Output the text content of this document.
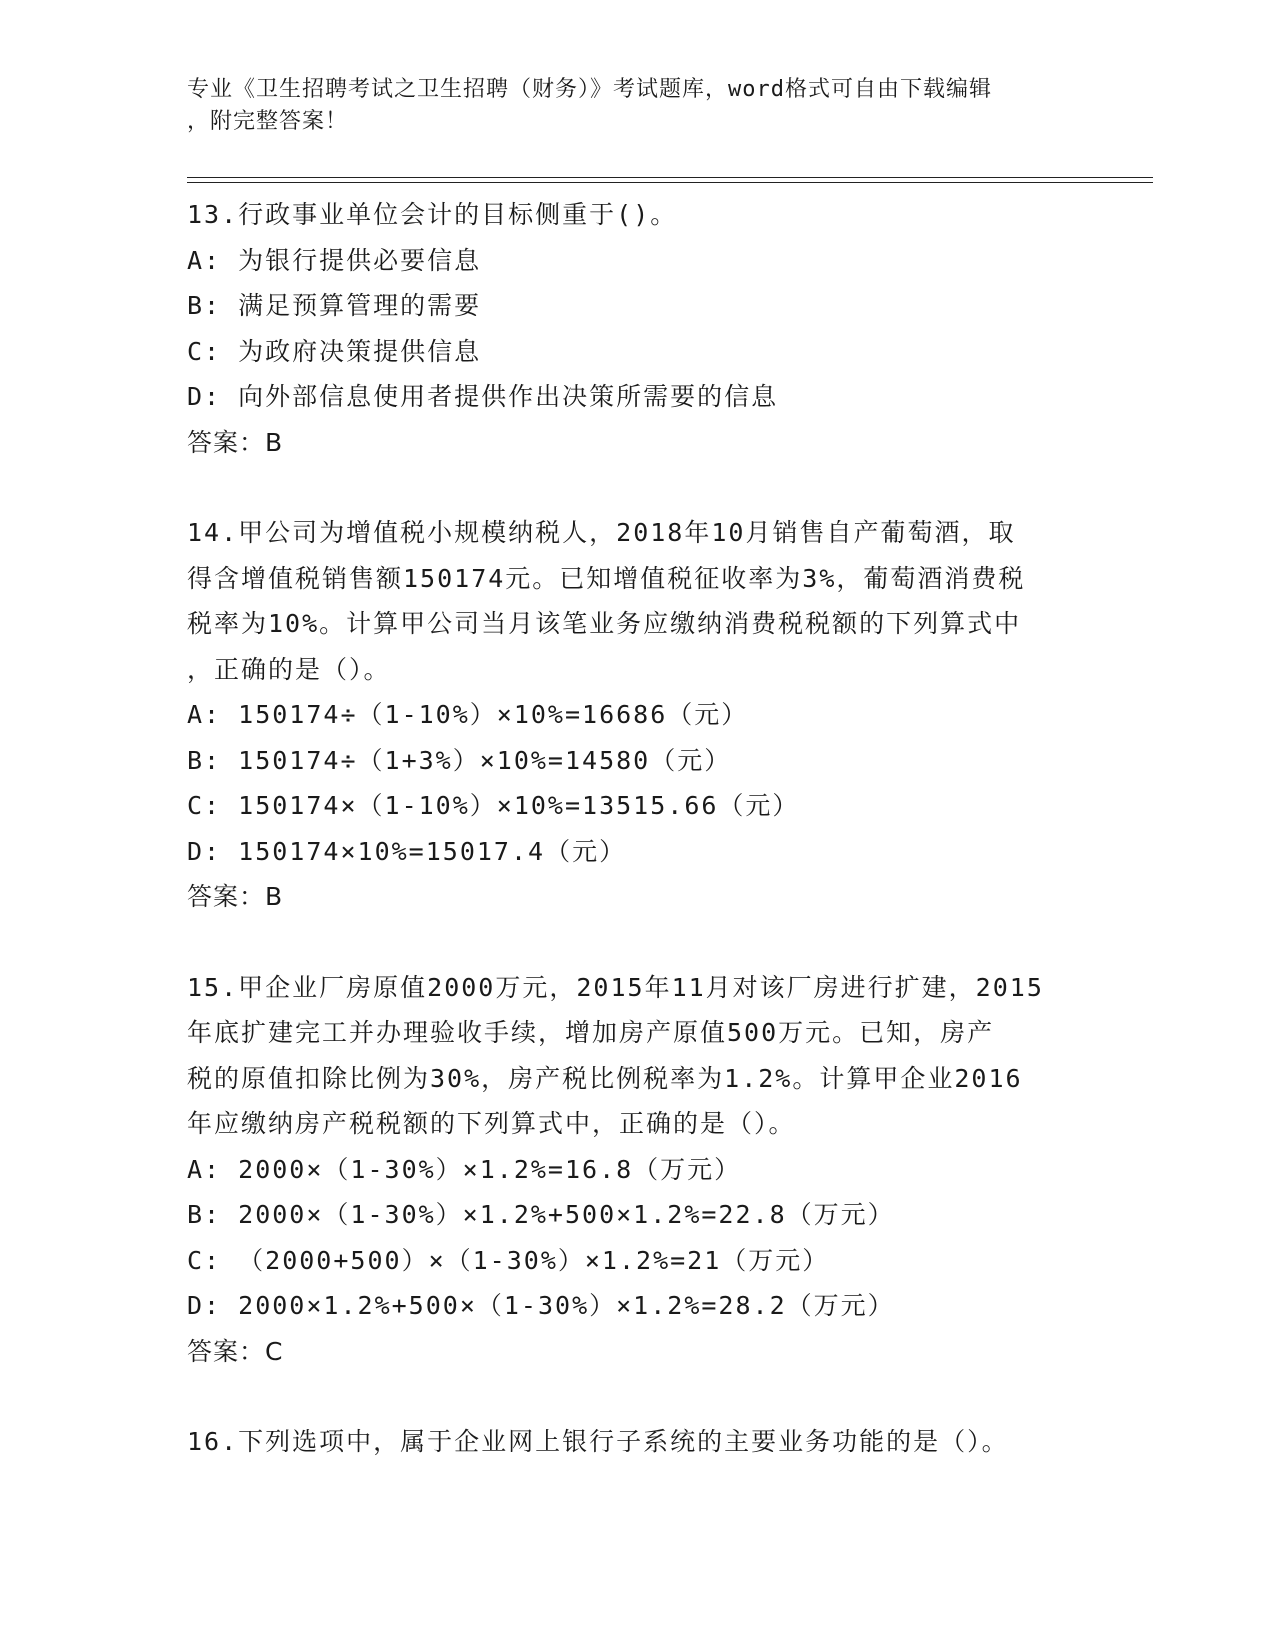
专业《卫生招聘考试之卫生招聘（财务）》考试题库，word格式可自由下载编辑
，附完整答案！
13.行政事业单位会计的目标侧重于()。
A: 为银行提供必要信息
B: 满足预算管理的需要
C: 为政府决策提供信息
D: 向外部信息使用者提供作出决策所需要的信息
答案：B
14.甲公司为增值税小规模纳税人，2018年10月销售自产葡萄酒，取
得含增值税销售额150174元。已知增值税征收率为3%，葡萄酒消费税
税率为10%。计算甲公司当月该笔业务应缴纳消费税税额的下列算式中
，正确的是（）。
A: 150174÷（1-10%）×10%=16686（元）
B: 150174÷（1+3%）×10%=14580（元）
C: 150174×（1-10%）×10%=13515.66（元）
D: 150174×10%=15017.4（元）
答案：B
15.甲企业厂房原值2000万元，2015年11月对该厂房进行扩建，2015
年底扩建完工并办理验收手续，增加房产原值500万元。已知，房产
税的原值扣除比例为30%，房产税比例税率为1.2%。计算甲企业2016
年应缴纳房产税税额的下列算式中，正确的是（）。
A: 2000×（1-30%）×1.2%=16.8（万元）
B: 2000×（1-30%）×1.2%+500×1.2%=22.8（万元）
C: （2000+500）×（1-30%）×1.2%=21（万元）
D: 2000×1.2%+500×（1-30%）×1.2%=28.2（万元）
答案：C
16.下列选项中，属于企业网上银行子系统的主要业务功能的是（）。
